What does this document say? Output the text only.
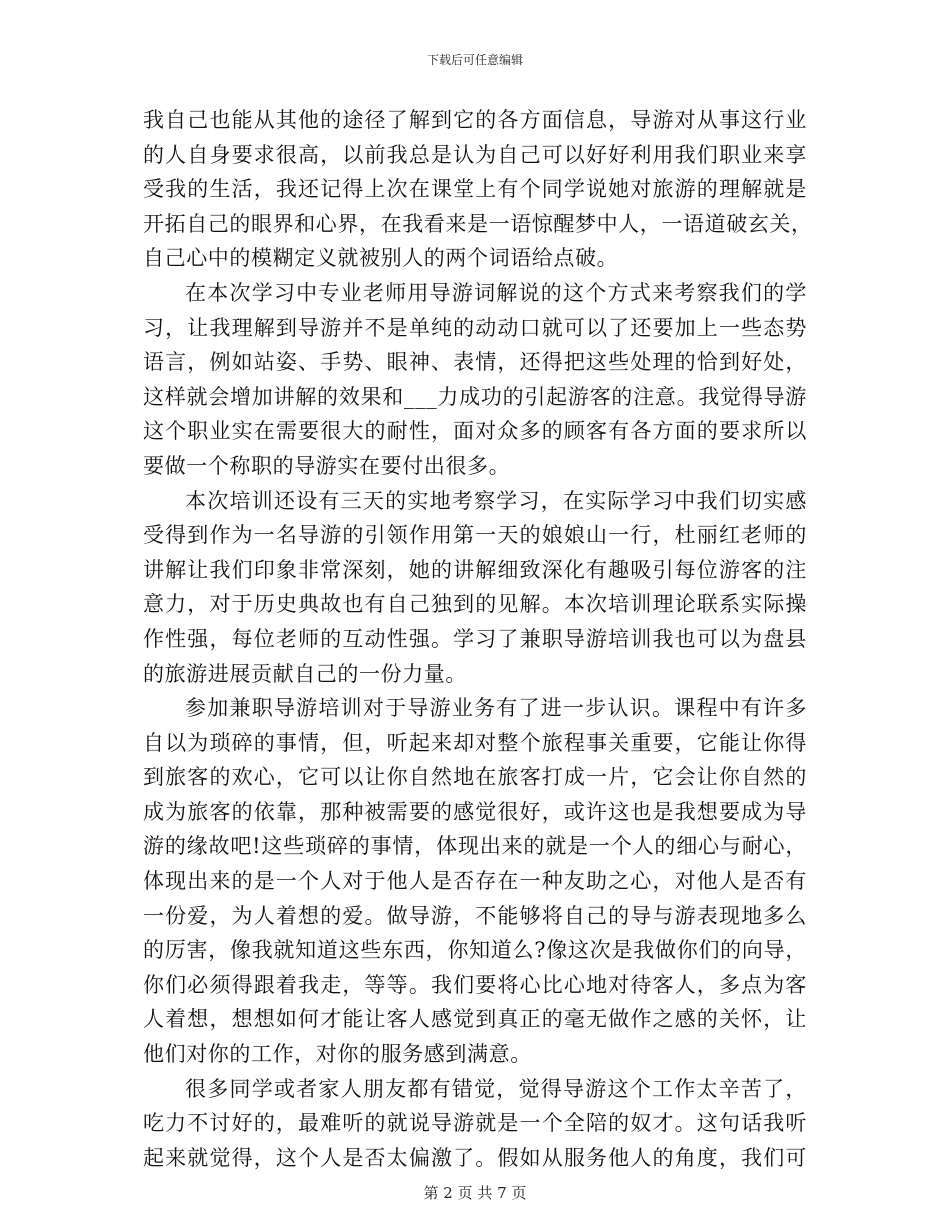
下载后可任意编辑
我自己也能从其他的途径了解到它的各方面信息，导游对从事这行业
的人自身要求很高，以前我总是认为自己可以好好利用我们职业来享
受我的生活，我还记得上次在课堂上有个同学说她对旅游的理解就是
开拓自己的眼界和心界，在我看来是一语惊醒梦中人，一语道破玄关，
自己心中的模糊定义就被别人的两个词语给点破。
在本次学习中专业老师用导游词解说的这个方式来考察我们的学
习，让我理解到导游并不是单纯的动动口就可以了还要加上一些态势
语言，例如站姿、手势、眼神、表情，还得把这些处理的恰到好处，
这样就会增加讲解的效果和___力成功的引起游客的注意。我觉得导游
这个职业实在需要很大的耐性，面对众多的顾客有各方面的要求所以
要做一个称职的导游实在要付出很多。
本次培训还设有三天的实地考察学习，在实际学习中我们切实感
受得到作为一名导游的引领作用第一天的娘娘山一行，杜丽红老师的
讲解让我们印象非常深刻，她的讲解细致深化有趣吸引每位游客的注
意力，对于历史典故也有自己独到的见解。本次培训理论联系实际操
作性强，每位老师的互动性强。学习了兼职导游培训我也可以为盘县
的旅游进展贡献自己的一份力量。
参加兼职导游培训对于导游业务有了进一步认识。课程中有许多
自以为琐碎的事情，但，听起来却对整个旅程事关重要，它能让你得
到旅客的欢心，它可以让你自然地在旅客打成一片，它会让你自然的
成为旅客的依靠，那种被需要的感觉很好，或许这也是我想要成为导
游的缘故吧!这些琐碎的事情，体现出来的就是一个人的细心与耐心，
体现出来的是一个人对于他人是否存在一种友助之心，对他人是否有
一份爱，为人着想的爱。做导游，不能够将自己的导与游表现地多么
的厉害，像我就知道这些东西，你知道么?像这次是我做你们的向导，
你们必须得跟着我走，等等。我们要将心比心地对待客人，多点为客
人着想，想想如何才能让客人感觉到真正的毫无做作之感的关怀，让
他们对你的工作，对你的服务感到满意。
很多同学或者家人朋友都有错觉，觉得导游这个工作太辛苦了，
吃力不讨好的，最难听的就说导游就是一个全陪的奴才。这句话我听
起来就觉得，这个人是否太偏激了。假如从服务他人的角度，我们可
第 2 页 共 7 页
